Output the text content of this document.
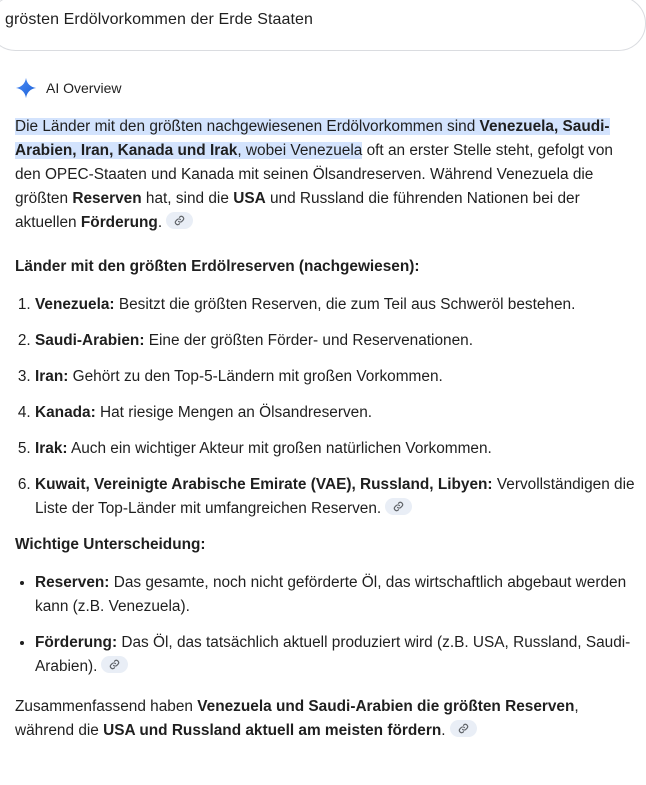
grösten Erdölvorkommen der Erde Staaten
AI Overview

Die Länder mit den größten nachgewiesenen Erdölvorkommen sind Venezuela, Saudi-Arabien, Iran, Kanada und Irak, wobei Venezuela oft an erster Stelle steht, gefolgt von den OPEC-Staaten und Kanada mit seinen Ölsandreserven. Während Venezuela die größten Reserven hat, sind die USA und Russland die führenden Nationen bei der aktuellen Förderung.

Länder mit den größten Erdölreserven (nachgewiesen):

1. Venezuela: Besitzt die größten Reserven, die zum Teil aus Schweröl bestehen.
2. Saudi-Arabien: Eine der größten Förder- und Reservenationen.
3. Iran: Gehört zu den Top-5-Ländern mit großen Vorkommen.
4. Kanada: Hat riesige Mengen an Ölsandreserven.
5. Irak: Auch ein wichtiger Akteur mit großen natürlichen Vorkommen.
6. Kuwait, Vereinigte Arabische Emirate (VAE), Russland, Libyen: Vervollständigen die Liste der Top-Länder mit umfangreichen Reserven.

Wichtige Unterscheidung:

• Reserven: Das gesamte, noch nicht geförderte Öl, das wirtschaftlich abgebaut werden kann (z.B. Venezuela).
• Förderung: Das Öl, das tatsächlich aktuell produziert wird (z.B. USA, Russland, Saudi-Arabien).

Zusammenfassend haben Venezuela und Saudi-Arabien die größten Reserven, während die USA und Russland aktuell am meisten fördern.
